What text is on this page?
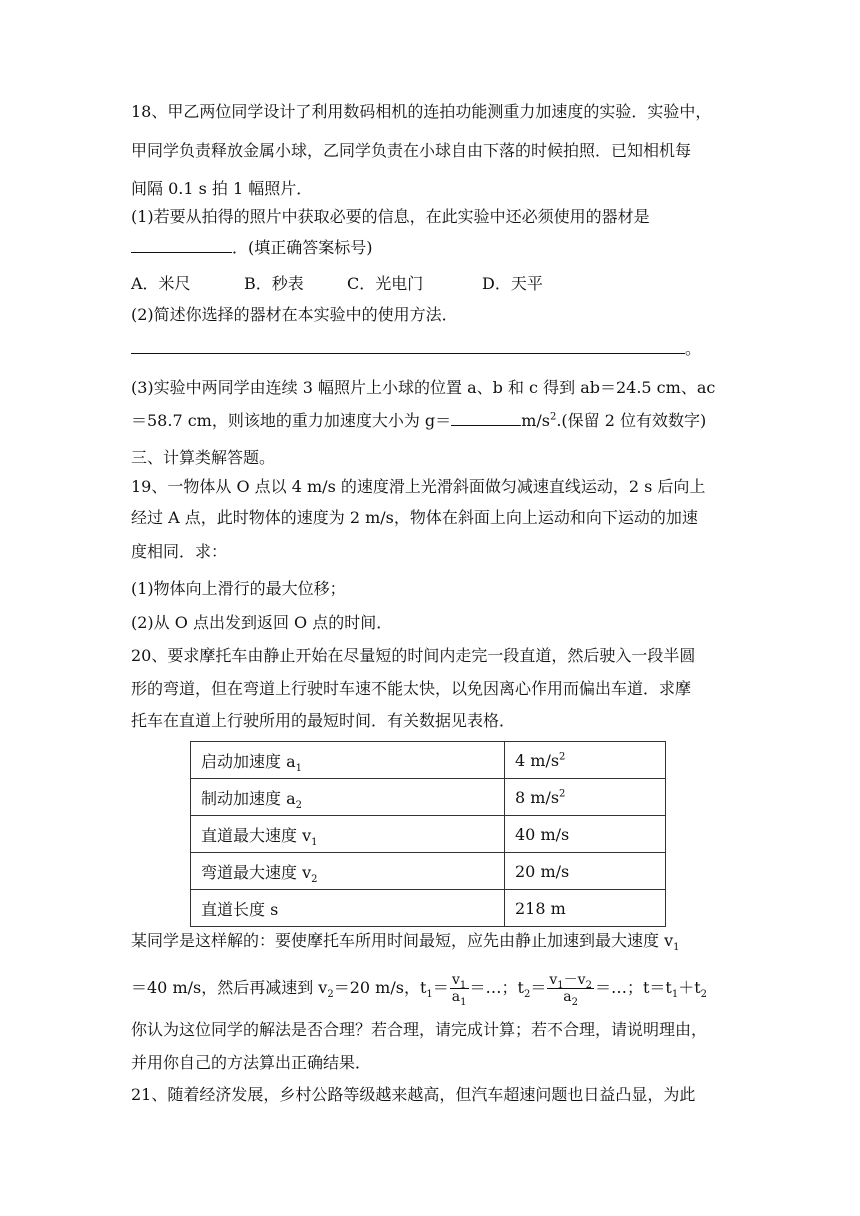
18、甲乙两位同学设计了利用数码相机的连拍功能测重力加速度的实验．实验中，
甲同学负责释放金属小球，乙同学负责在小球自由下落的时候拍照．已知相机每
间隔 0.1 s 拍 1 幅照片．
(1)若要从拍得的照片中获取必要的信息，在此实验中还必须使用的器材是
．(填正确答案标号)
A．米尺	B．秒表	C．光电门	D．天平
(2)简述你选择的器材在本实验中的使用方法．
。
(3)实验中两同学由连续 3 幅照片上小球的位置 a、b 和 c 得到 ab＝24.5 cm、ac
＝58.7 cm，则该地的重力加速度大小为 g＝	$m/s^2$.(保留 2 位有效数字)
三、计算类解答题。
19、一物体从 O 点以 4 m/s 的速度滑上光滑斜面做匀减速直线运动，2 s 后向上
经过 A 点，此时物体的速度为 2 m/s，物体在斜面上向上运动和向下运动的加速
度相同．求：
(1)物体向上滑行的最大位移；
(2)从 O 点出发到返回 O 点的时间．
20、要求摩托车由静止开始在尽量短的时间内走完一段直道，然后驶入一段半圆
形的弯道，但在弯道上行驶时车速不能太快，以免因离心作用而偏出车道．求摩
托车在直道上行驶所用的最短时间．有关数据见表格．
启动加速度 $a_1$	4 $m/s^2$
制动加速度 $a_2$	8 $m/s^2$
直道最大速度 $v_1$	40 m/s
弯道最大速度 $v_2$	20 m/s
直道长度 s	218 m
某同学是这样解的：要使摩托车所用时间最短，应先由静止加速到最大速度 $v_1$
＝40 m/s，然后再减速到 $v_2=20$ m/s，$t_1= \frac{v_1}{a_1}$ ＝…；$t_2= \frac{v_1-v_2}{a_2}$ ＝…；$t=t_1+t_2$
你认为这位同学的解法是否合理？若合理，请完成计算；若不合理，请说明理由，
并用你自己的方法算出正确结果．
21、随着经济发展，乡村公路等级越来越高，但汽车超速问题也日益凸显，为此
